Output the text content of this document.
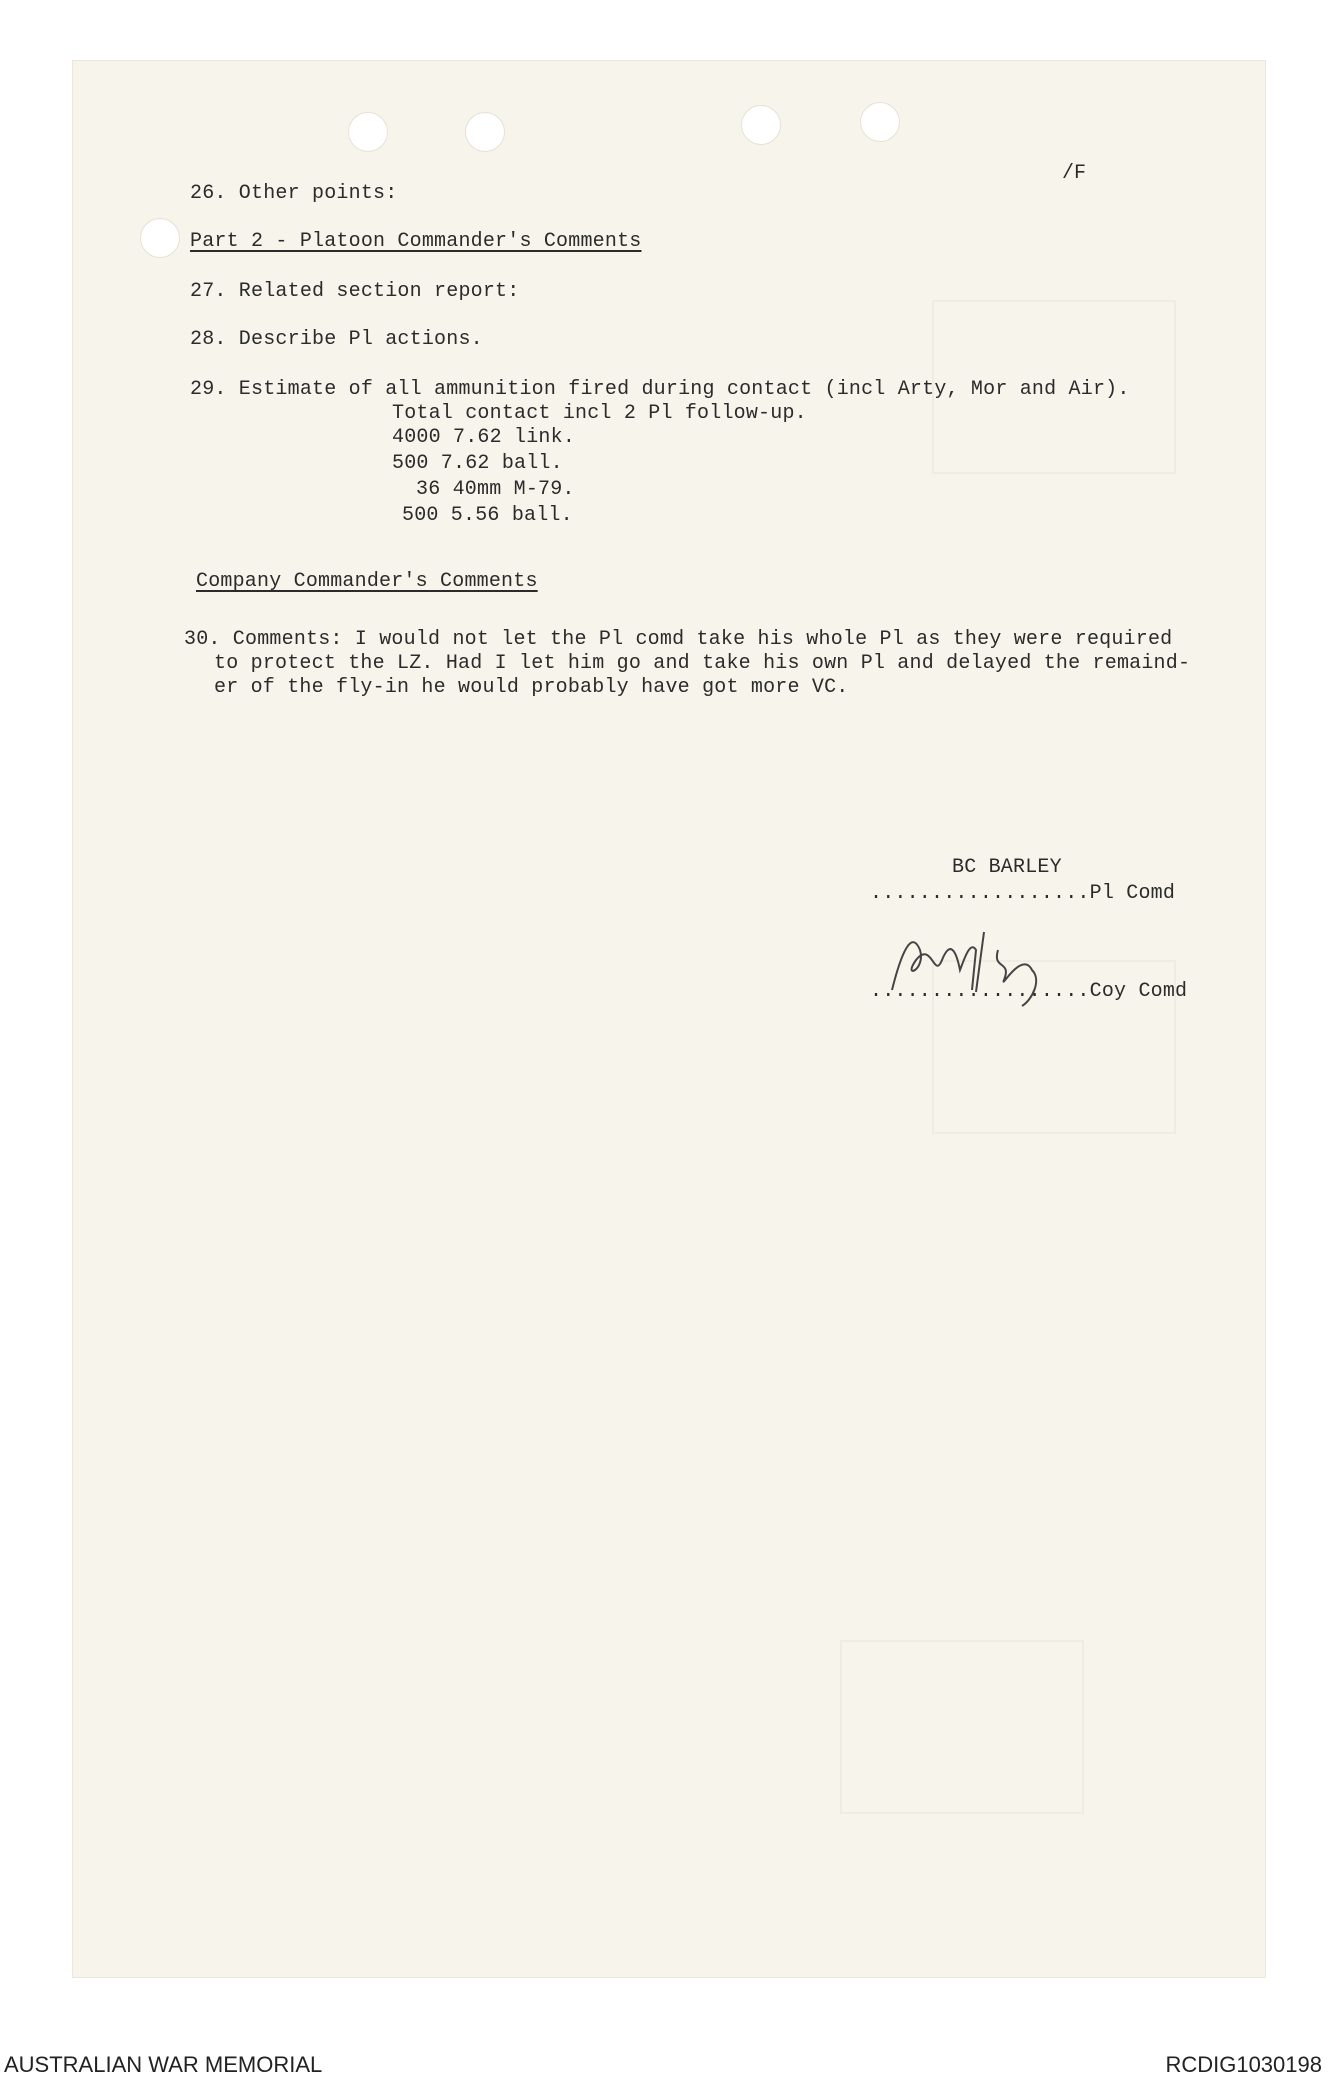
/F
26. Other points:
Part 2 - Platoon Commander's Comments
27. Related section report:
28. Describe Pl actions.
29. Estimate of all ammunition fired during contact (incl Arty, Mor and Air).
Total contact incl 2 Pl follow-up.
4000 7.62 link.
500 7.62 ball.
36 40mm M-79.
500 5.56 ball.
Company Commander's Comments
30. Comments: I would not let the Pl comd take his whole Pl as they were required
to protect the LZ. Had I let him go and take his own Pl and delayed the remaind-
er of the fly-in he would probably have got more VC.
BC BARLEY
..................Pl Comd
..................Coy Comd
AUSTRALIAN WAR MEMORIAL	RCDIG1030198
